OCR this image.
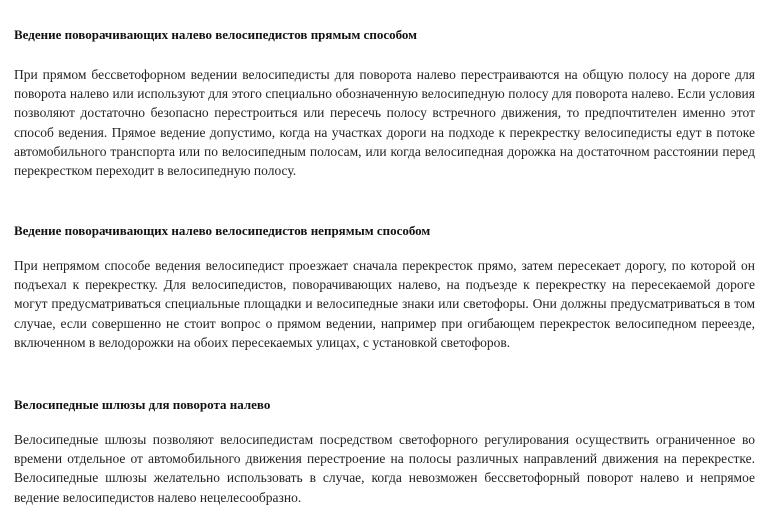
Ведение поворачивающих налево велосипедистов прямым способом

При прямом бессветофорном ведении велосипедисты для поворота налево перестраиваются на общую полосу на дороге для поворота налево или используют для этого специально обозначенную велосипедную полосу для поворота налево. Если условия позволяют достаточно безопасно перестроиться или пересечь полосу встречного движения, то предпочтителен именно этот способ ведения. Прямое ведение допустимо, когда на участках дороги на подходе к перекрестку велосипедисты едут в потоке автомобильного транспорта или по велосипедным полосам, или когда велосипедная дорожка на достаточном расстоянии перед перекрестком переходит в велосипедную полосу.

Ведение поворачивающих налево велосипедистов непрямым способом

При непрямом способе ведения велосипедист проезжает сначала перекресток прямо, затем пересекает дорогу, по которой он подъехал к перекрестку. Для велосипедистов, поворачивающих налево, на подъезде к перекрестку на пересекаемой дороге могут предусматриваться специальные площадки и велосипедные знаки или светофоры. Они должны предусматриваться в том случае, если совершенно не стоит вопрос о прямом ведении, например при огибающем перекресток велосипедном переезде, включенном в велодорожки на обоих пересекаемых улицах, с установкой светофоров.

Велосипедные шлюзы для поворота налево

Велосипедные шлюзы позволяют велосипедистам посредством светофорного регулирования осуществить ограниченное во времени отдельное от автомобильного движения перестроение на полосы различных направлений движения на перекрестке. Велосипедные шлюзы желательно использовать в случае, когда невозможен бессветофорный поворот налево и непрямое ведение велосипедистов налево нецелесообразно.
